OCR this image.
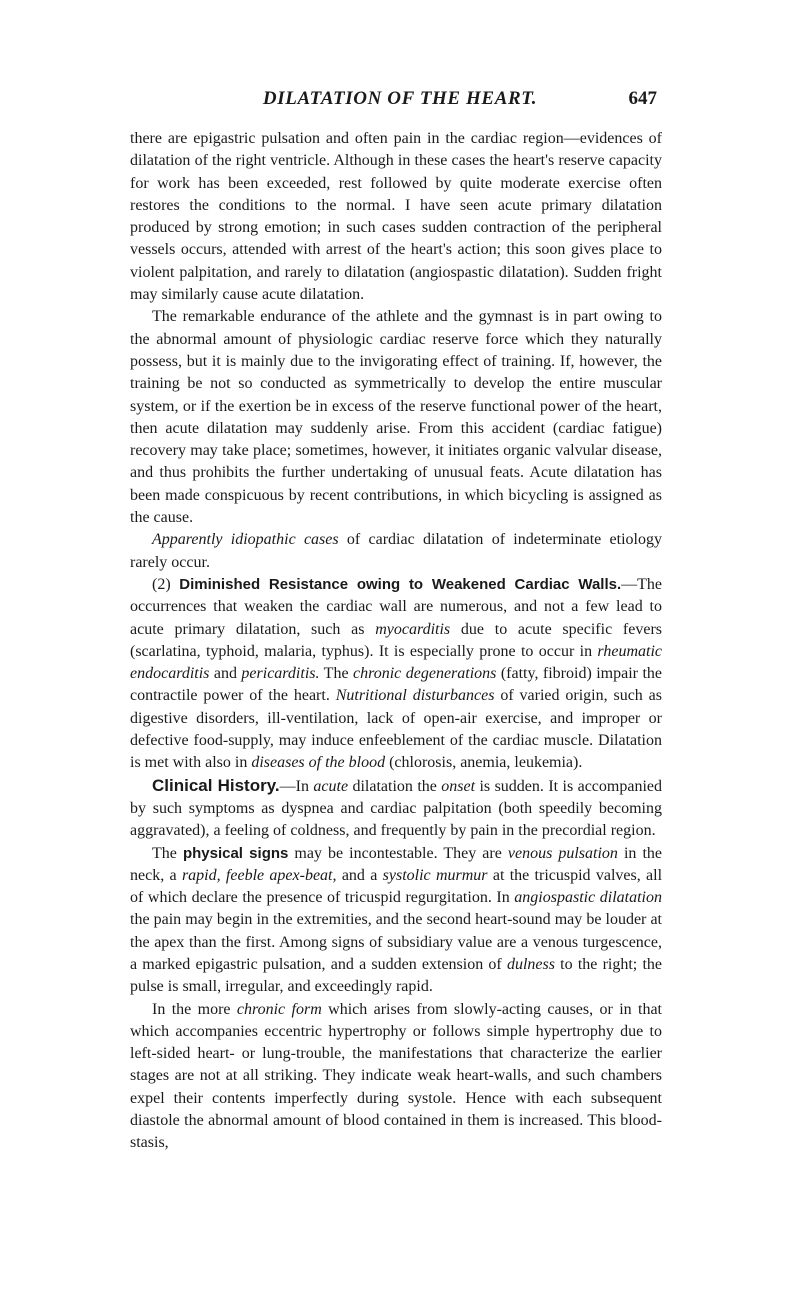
DILATATION OF THE HEART.	647

there are epigastric pulsation and often pain in the cardiac region—evidences of dilatation of the right ventricle. Although in these cases the heart's reserve capacity for work has been exceeded, rest followed by quite moderate exercise often restores the conditions to the normal. I have seen acute primary dilatation produced by strong emotion; in such cases sudden contraction of the peripheral vessels occurs, attended with arrest of the heart's action; this soon gives place to violent palpitation, and rarely to dilatation (angiospastic dilatation). Sudden fright may similarly cause acute dilatation.

The remarkable endurance of the athlete and the gymnast is in part owing to the abnormal amount of physiologic cardiac reserve force which they naturally possess, but it is mainly due to the invigorating effect of training. If, however, the training be not so conducted as symmetrically to develop the entire muscular system, or if the exertion be in excess of the reserve functional power of the heart, then acute dilatation may suddenly arise. From this accident (cardiac fatigue) recovery may take place; sometimes, however, it initiates organic valvular disease, and thus prohibits the further undertaking of unusual feats. Acute dilatation has been made conspicuous by recent contributions, in which bicycling is assigned as the cause.

Apparently idiopathic cases of cardiac dilatation of indeterminate etiology rarely occur.

(2) Diminished Resistance owing to Weakened Cardiac Walls.—The occurrences that weaken the cardiac wall are numerous, and not a few lead to acute primary dilatation, such as myocarditis due to acute specific fevers (scarlatina, typhoid, malaria, typhus). It is especially prone to occur in rheumatic endocarditis and pericarditis. The chronic degenerations (fatty, fibroid) impair the contractile power of the heart. Nutritional disturbances of varied origin, such as digestive disorders, ill-ventilation, lack of open-air exercise, and improper or defective food-supply, may induce enfeeblement of the cardiac muscle. Dilatation is met with also in diseases of the blood (chlorosis, anemia, leukemia).

Clinical History.—In acute dilatation the onset is sudden. It is accompanied by such symptoms as dyspnea and cardiac palpitation (both speedily becoming aggravated), a feeling of coldness, and frequently by pain in the precordial region.

The physical signs may be incontestable. They are venous pulsation in the neck, a rapid, feeble apex-beat, and a systolic murmur at the tricuspid valves, all of which declare the presence of tricuspid regurgitation. In angiospastic dilatation the pain may begin in the extremities, and the second heart-sound may be louder at the apex than the first. Among signs of subsidiary value are a venous turgescence, a marked epigastric pulsation, and a sudden extension of dulness to the right; the pulse is small, irregular, and exceedingly rapid.

In the more chronic form which arises from slowly-acting causes, or in that which accompanies eccentric hypertrophy or follows simple hypertrophy due to left-sided heart- or lung-trouble, the manifestations that characterize the earlier stages are not at all striking. They indicate weak heart-walls, and such chambers expel their contents imperfectly during systole. Hence with each subsequent diastole the abnormal amount of blood contained in them is increased. This blood-stasis,
